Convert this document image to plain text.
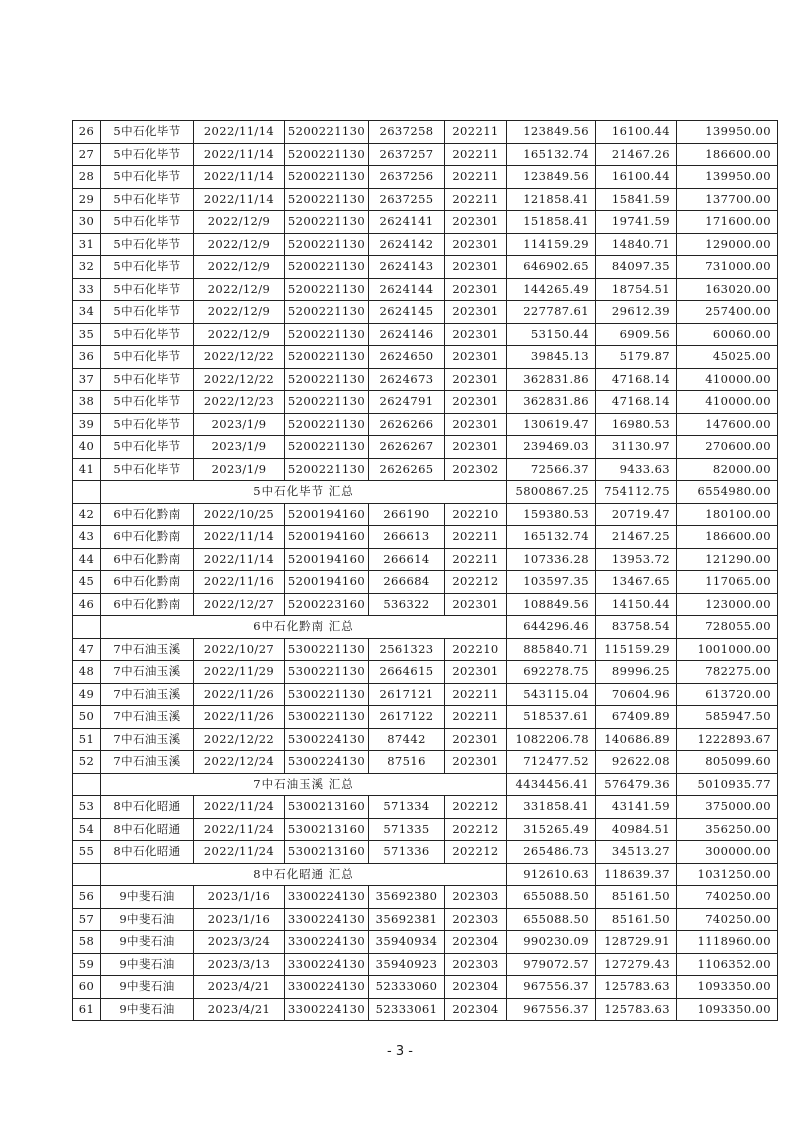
26	5中石化毕节	2022/11/14	5200221130	2637258	202211	123849.56	16100.44	139950.00
27	5中石化毕节	2022/11/14	5200221130	2637257	202211	165132.74	21467.26	186600.00
28	5中石化毕节	2022/11/14	5200221130	2637256	202211	123849.56	16100.44	139950.00
29	5中石化毕节	2022/11/14	5200221130	2637255	202211	121858.41	15841.59	137700.00
30	5中石化毕节	2022/12/9	5200221130	2624141	202301	151858.41	19741.59	171600.00
31	5中石化毕节	2022/12/9	5200221130	2624142	202301	114159.29	14840.71	129000.00
32	5中石化毕节	2022/12/9	5200221130	2624143	202301	646902.65	84097.35	731000.00
33	5中石化毕节	2022/12/9	5200221130	2624144	202301	144265.49	18754.51	163020.00
34	5中石化毕节	2022/12/9	5200221130	2624145	202301	227787.61	29612.39	257400.00
35	5中石化毕节	2022/12/9	5200221130	2624146	202301	53150.44	6909.56	60060.00
36	5中石化毕节	2022/12/22	5200221130	2624650	202301	39845.13	5179.87	45025.00
37	5中石化毕节	2022/12/22	5200221130	2624673	202301	362831.86	47168.14	410000.00
38	5中石化毕节	2022/12/23	5200221130	2624791	202301	362831.86	47168.14	410000.00
39	5中石化毕节	2023/1/9	5200221130	2626266	202301	130619.47	16980.53	147600.00
40	5中石化毕节	2023/1/9	5200221130	2626267	202301	239469.03	31130.97	270600.00
41	5中石化毕节	2023/1/9	5200221130	2626265	202302	72566.37	9433.63	82000.00
	5中石化毕节 汇总					5800867.25	754112.75	6554980.00
42	6中石化黔南	2022/10/25	5200194160	266190	202210	159380.53	20719.47	180100.00
43	6中石化黔南	2022/11/14	5200194160	266613	202211	165132.74	21467.25	186600.00
44	6中石化黔南	2022/11/14	5200194160	266614	202211	107336.28	13953.72	121290.00
45	6中石化黔南	2022/11/16	5200194160	266684	202212	103597.35	13467.65	117065.00
46	6中石化黔南	2022/12/27	5200223160	536322	202301	108849.56	14150.44	123000.00
	6中石化黔南 汇总					644296.46	83758.54	728055.00
47	7中石油玉溪	2022/10/27	5300221130	2561323	202210	885840.71	115159.29	1001000.00
48	7中石油玉溪	2022/11/29	5300221130	2664615	202301	692278.75	89996.25	782275.00
49	7中石油玉溪	2022/11/26	5300221130	2617121	202211	543115.04	70604.96	613720.00
50	7中石油玉溪	2022/11/26	5300221130	2617122	202211	518537.61	67409.89	585947.50
51	7中石油玉溪	2022/12/22	5300224130	87442	202301	1082206.78	140686.89	1222893.67
52	7中石油玉溪	2022/12/24	5300224130	87516	202301	712477.52	92622.08	805099.60
	7中石油玉溪 汇总					4434456.41	576479.36	5010935.77
53	8中石化昭通	2022/11/24	5300213160	571334	202212	331858.41	43141.59	375000.00
54	8中石化昭通	2022/11/24	5300213160	571335	202212	315265.49	40984.51	356250.00
55	8中石化昭通	2022/11/24	5300213160	571336	202212	265486.73	34513.27	300000.00
	8中石化昭通 汇总					912610.63	118639.37	1031250.00
56	9中斐石油	2023/1/16	3300224130	35692380	202303	655088.50	85161.50	740250.00
57	9中斐石油	2023/1/16	3300224130	35692381	202303	655088.50	85161.50	740250.00
58	9中斐石油	2023/3/24	3300224130	35940934	202304	990230.09	128729.91	1118960.00
59	9中斐石油	2023/3/13	3300224130	35940923	202303	979072.57	127279.43	1106352.00
60	9中斐石油	2023/4/21	3300224130	52333060	202304	967556.37	125783.63	1093350.00
61	9中斐石油	2023/4/21	3300224130	52333061	202304	967556.37	125783.63	1093350.00
- 3 -
